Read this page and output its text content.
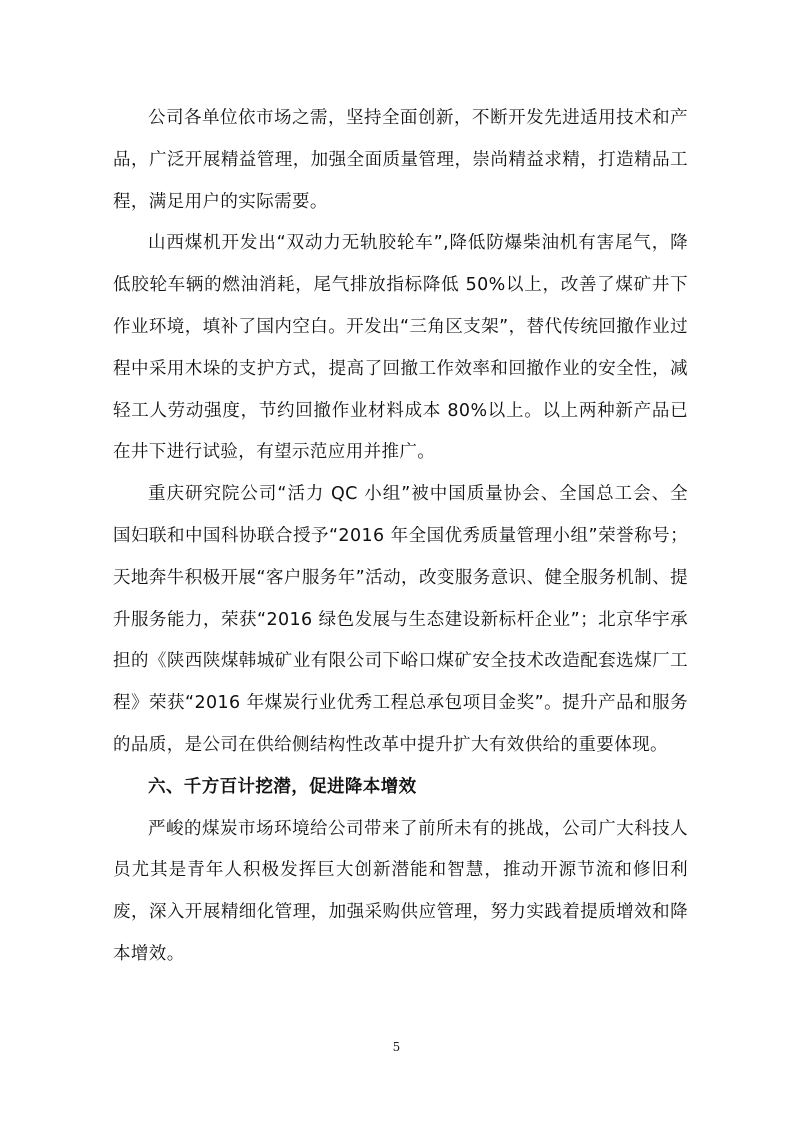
公司各单位依市场之需，坚持全面创新，不断开发先进适用技术和产品，广泛开展精益管理，加强全面质量管理，崇尚精益求精，打造精品工程，满足用户的实际需要。

山西煤机开发出“双动力无轨胶轮车”,降低防爆柴油机有害尾气，降低胶轮车辆的燃油消耗，尾气排放指标降低 50%以上，改善了煤矿井下作业环境，填补了国内空白。开发出“三角区支架”，替代传统回撤作业过程中采用木垛的支护方式，提高了回撤工作效率和回撤作业的安全性，减轻工人劳动强度，节约回撤作业材料成本 80%以上。以上两种新产品已在井下进行试验，有望示范应用并推广。

重庆研究院公司“活力 QC 小组”被中国质量协会、全国总工会、全国妇联和中国科协联合授予“2016 年全国优秀质量管理小组”荣誉称号；天地奔牛积极开展“客户服务年”活动，改变服务意识、健全服务机制、提升服务能力，荣获“2016 绿色发展与生态建设新标杆企业”；北京华宇承担的《陕西陕煤韩城矿业有限公司下峪口煤矿安全技术改造配套选煤厂工程》荣获“2016 年煤炭行业优秀工程总承包项目金奖”。提升产品和服务的品质，是公司在供给侧结构性改革中提升扩大有效供给的重要体现。

六、千方百计挖潜，促进降本增效

严峻的煤炭市场环境给公司带来了前所未有的挑战，公司广大科技人员尤其是青年人积极发挥巨大创新潜能和智慧，推动开源节流和修旧利废，深入开展精细化管理，加强采购供应管理，努力实践着提质增效和降本增效。

5
